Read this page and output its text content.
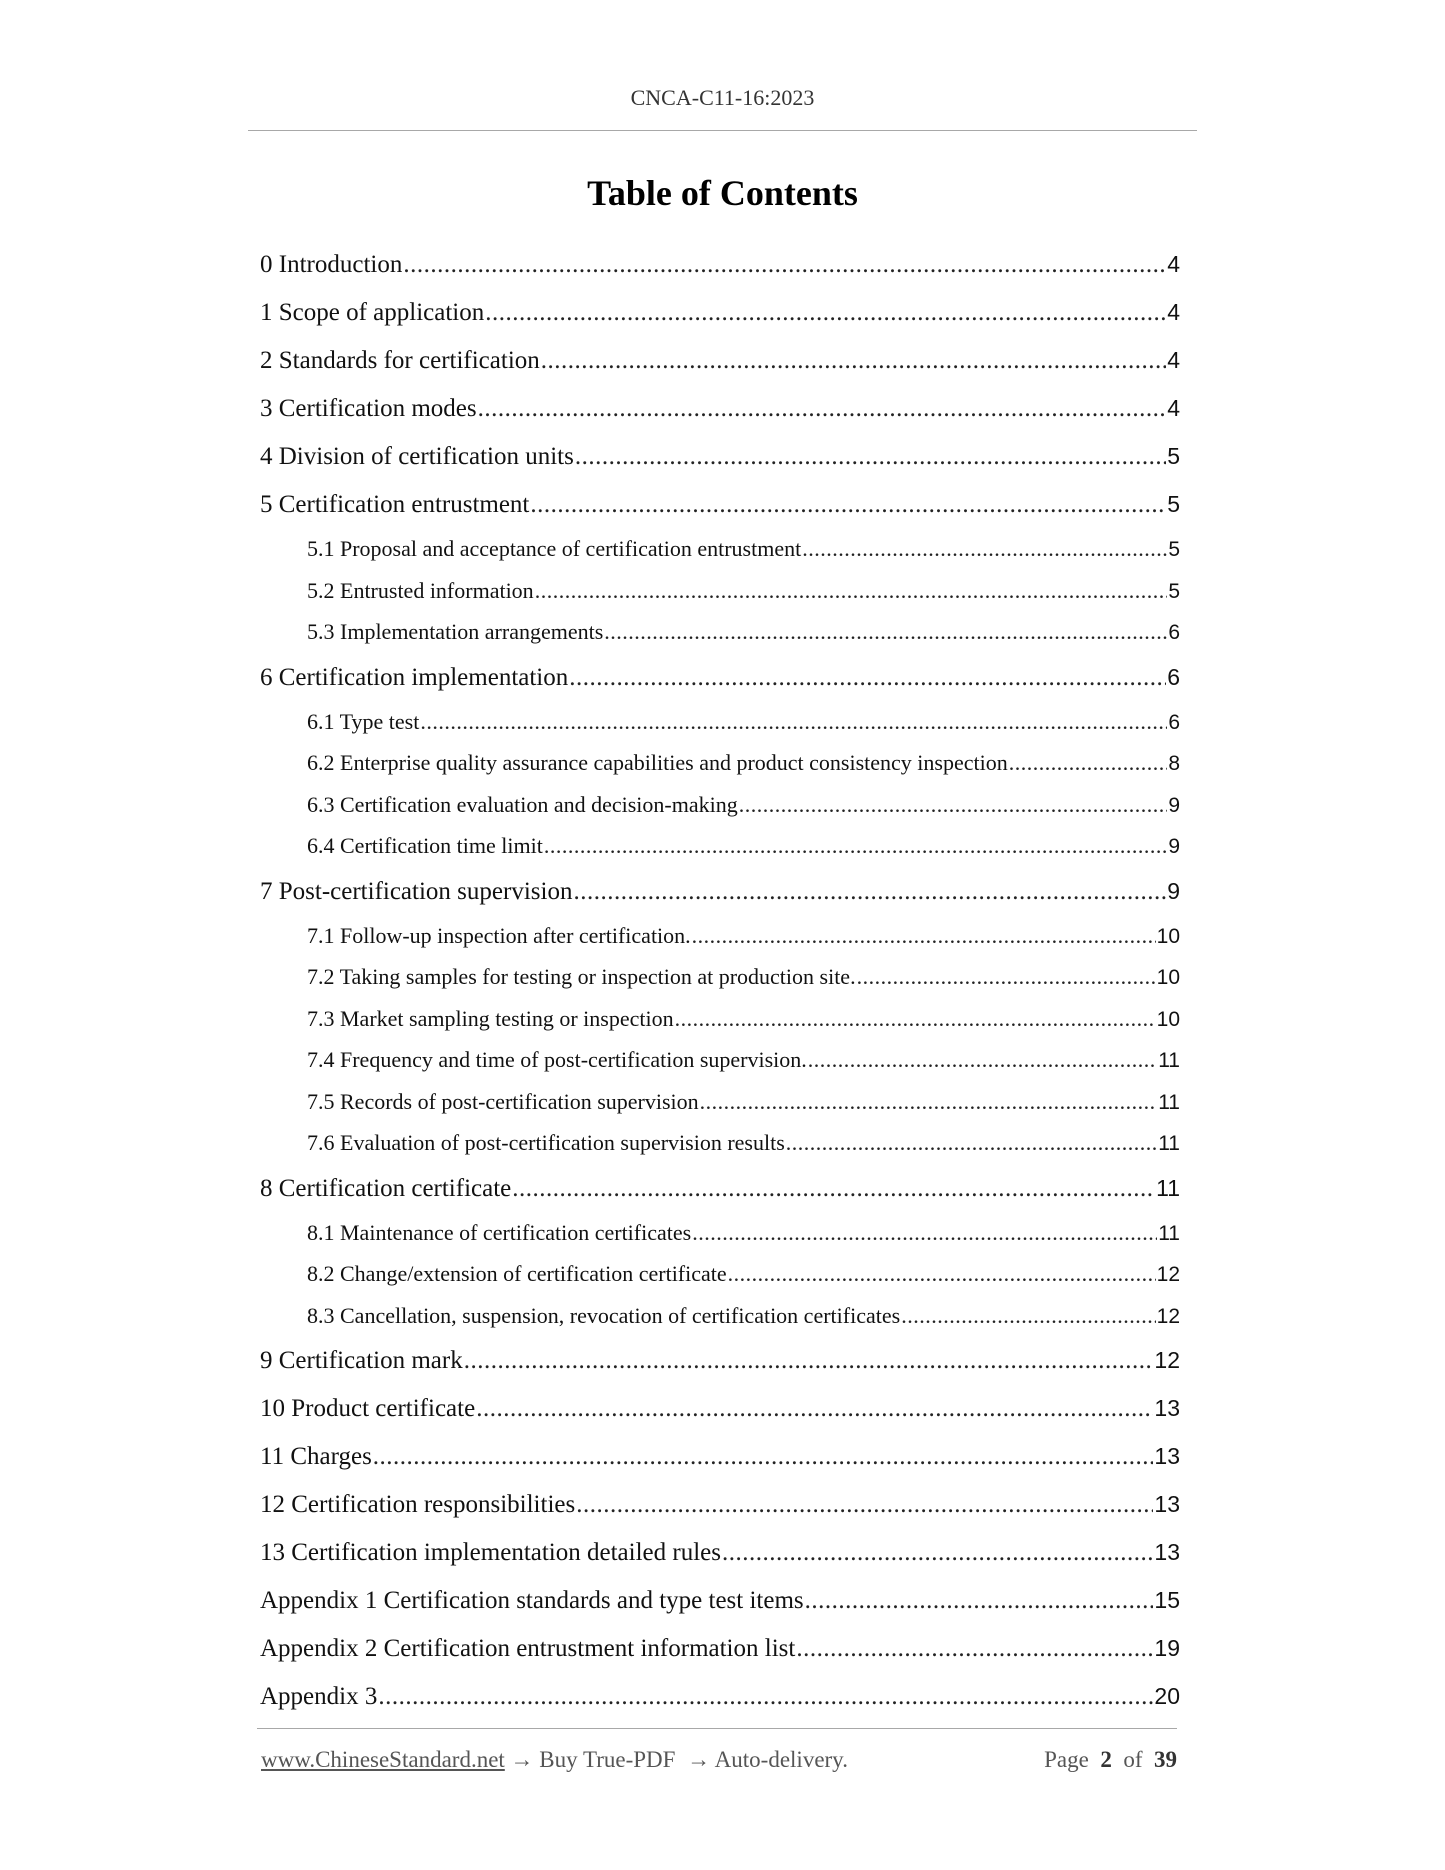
CNCA-C11-16:2023
Table of Contents
0 Introduction .....	4
1 Scope of application .....	4
2 Standards for certification .....	4
3 Certification modes .....	4
4 Division of certification units .....	5
5 Certification entrustment .....	5
5.1 Proposal and acceptance of certification entrustment .....	5
5.2 Entrusted information .....	5
5.3 Implementation arrangements .....	6
6 Certification implementation .....	6
6.1 Type test .....	6
6.2 Enterprise quality assurance capabilities and product consistency inspection .....	8
6.3 Certification evaluation and decision-making .....	9
6.4 Certification time limit .....	9
7 Post-certification supervision .....	9
7.1 Follow-up inspection after certification. .....	10
7.2 Taking samples for testing or inspection at production site. .....	10
7.3 Market sampling testing or inspection .....	10
7.4 Frequency and time of post-certification supervision. .....	11
7.5 Records of post-certification supervision .....	11
7.6 Evaluation of post-certification supervision results .....	11
8 Certification certificate .....	11
8.1 Maintenance of certification certificates .....	11
8.2 Change/extension of certification certificate .....	12
8.3 Cancellation, suspension, revocation of certification certificates .....	12
9 Certification mark .....	12
10 Product certificate .....	13
11 Charges .....	13
12 Certification responsibilities .....	13
13 Certification implementation detailed rules .....	13
Appendix 1 Certification standards and type test items .....	15
Appendix 2 Certification entrustment information list .....	19
Appendix 3 .....	20
www.ChineseStandard.net → Buy True-PDF → Auto-delivery.	Page 2 of 39
